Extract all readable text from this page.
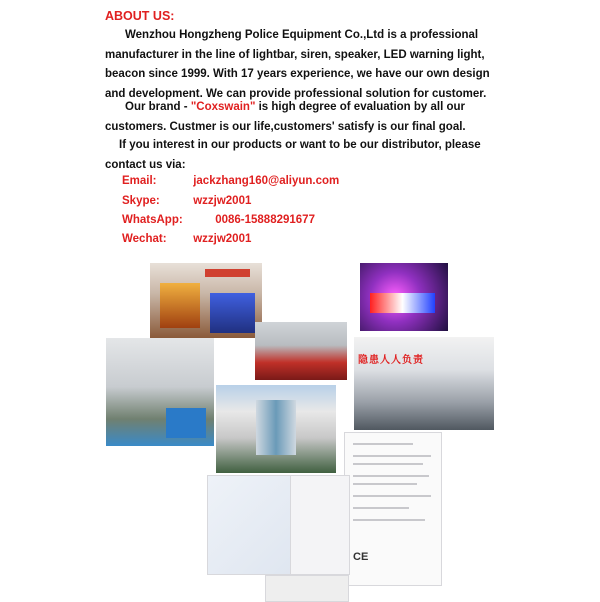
ABOUT US:
Wenzhou Hongzheng Police Equipment Co.,Ltd is a professional manufacturer in the line of lightbar, siren, speaker, LED warning light, beacon since 1999. With 17 years experience, we have our own design and development. We can provide professional solution for customer.
Our brand - "Coxswain" is high degree of evaluation by all our customers. Custmer is our life,customers' satisfy is our final goal.
If you interest in our products or want to be our distributor, please contact us via:
Email:	jackzhang160@aliyun.com
Skype:	wzzjw2001
WhatsApp:	0086-15888291677
Wechat: wzzjw2001
隐患人人负责
CE
